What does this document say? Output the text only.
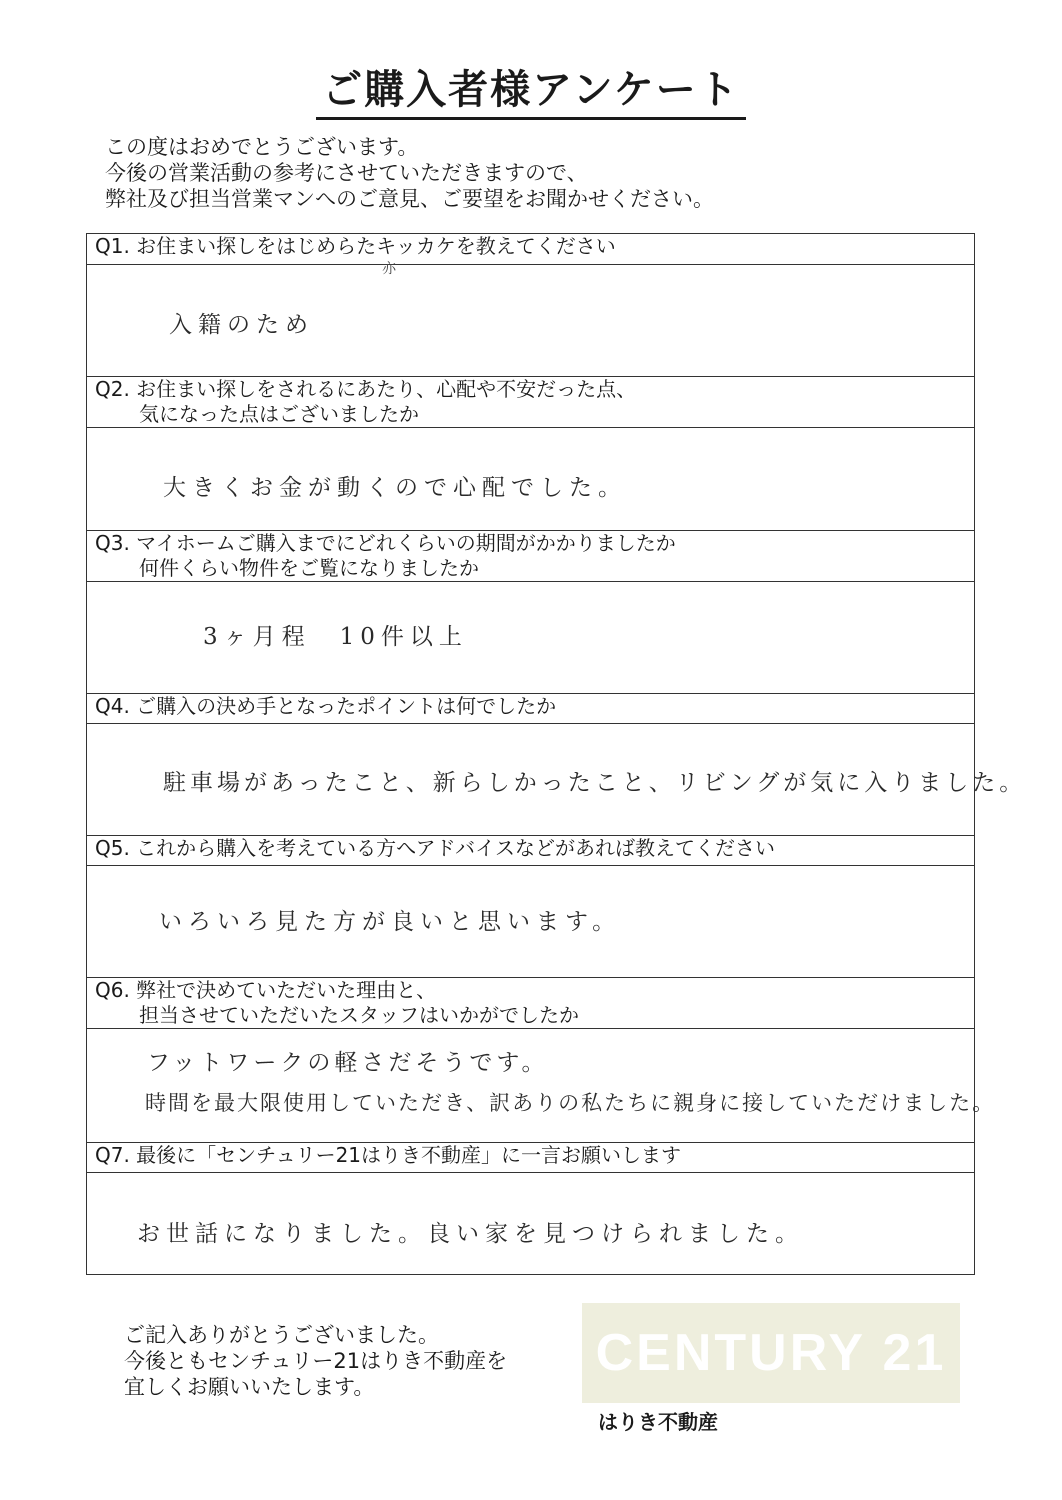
ご購入者様アンケート
この度はおめでとうございます。
今後の営業活動の参考にさせていただきますので、
弊社及び担当営業マンへのご意見、ご要望をお聞かせください。
Q1. お住まい探しをはじめらたキッカケを教えてください
入籍のため
Q2. お住まい探しをされるにあたり、心配や不安だった点、
気になった点はございましたか
大きくお金が動くので心配でした。
Q3. マイホームご購入までにどれくらいの期間がかかりましたか
何件くらい物件をご覧になりましたか
3ヶ月程　10件以上
Q4. ご購入の決め手となったポイントは何でしたか
駐車場があったこと、新らしかったこと、リビングが気に入りました。
Q5. これから購入を考えている方へアドバイスなどがあれば教えてください
いろいろ見た方が良いと思います。
Q6. 弊社で決めていただいた理由と、
担当させていただいたスタッフはいかがでしたか
フットワークの軽さだそうです。
時間を最大限使用していただき、訳ありの私たちに親身に接していただけました。
Q7. 最後に「センチュリー21はりき不動産」に一言お願いします
お世話になりました。良い家を見つけられました。
亦
ご記入ありがとうございました。
今後ともセンチュリー21はりき不動産を
宜しくお願いいたします。
CENTURY 21
はりき不動産
